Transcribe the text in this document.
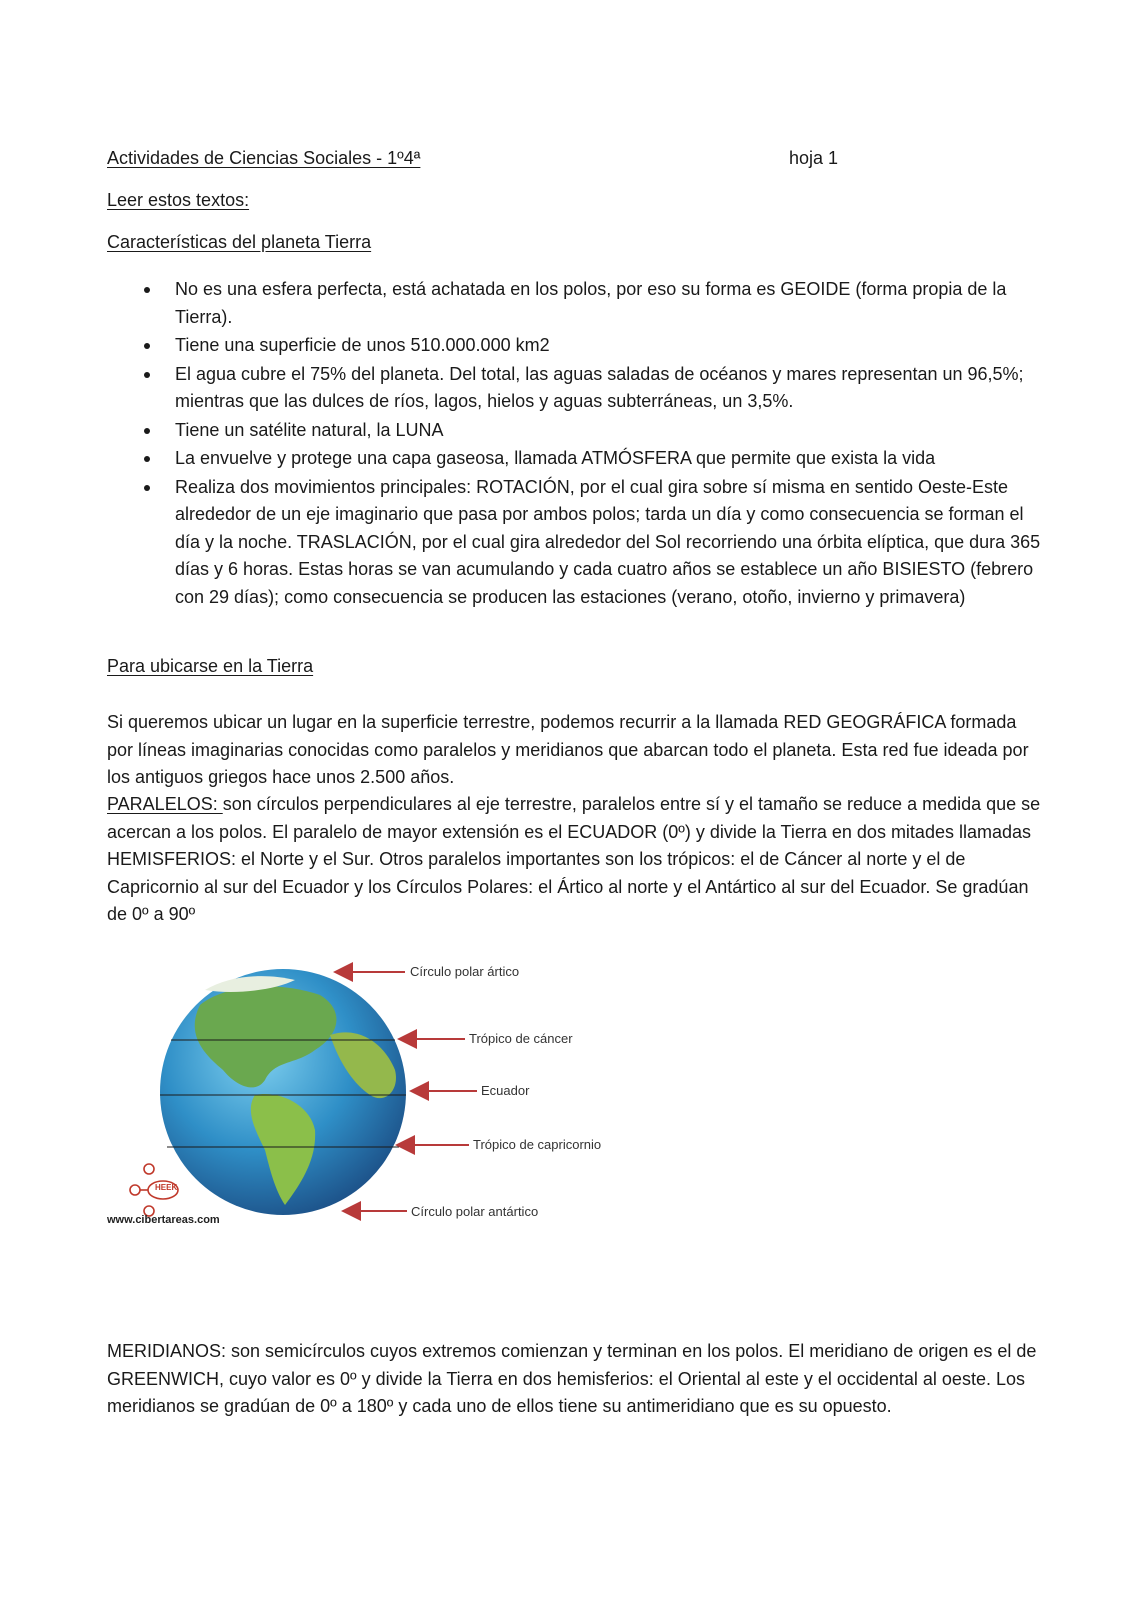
Actividades de Ciencias Sociales - 1º4ª	hoja 1
Leer estos textos:
Características del planeta Tierra
No es una esfera perfecta, está achatada en los polos, por eso su forma es GEOIDE (forma propia de la Tierra).
Tiene una superficie de unos 510.000.000 km2
El agua cubre el 75% del planeta. Del total, las aguas saladas de océanos y mares representan un 96,5%; mientras que las dulces de ríos, lagos, hielos y aguas subterráneas, un 3,5%.
Tiene un satélite natural, la LUNA
La envuelve y protege una capa gaseosa, llamada ATMÓSFERA que permite que exista la vida
Realiza dos movimientos principales: ROTACIÓN, por el cual gira sobre sí misma en sentido Oeste-Este alrededor de un eje imaginario que pasa por ambos polos; tarda un día y como consecuencia se forman el día y la noche. TRASLACIÓN, por el cual gira alrededor del Sol recorriendo una órbita elíptica, que dura 365 días y 6 horas. Estas horas se van acumulando y cada cuatro años se establece un año BISIESTO (febrero con 29 días); como consecuencia se producen las estaciones (verano, otoño, invierno y primavera)
Para ubicarse en la Tierra

Si queremos ubicar un lugar en la superficie terrestre, podemos recurrir a la llamada RED GEOGRÁFICA formada por líneas imaginarias conocidas como paralelos y meridianos que abarcan todo el planeta. Esta red fue ideada por los antiguos griegos hace unos 2.500 años.

PARALELOS: son círculos perpendiculares al eje terrestre, paralelos entre sí y el tamaño se reduce a medida que se acercan a los polos. El paralelo de mayor extensión es el ECUADOR (0º) y divide la Tierra en dos mitades llamadas HEMISFERIOS: el Norte y el Sur. Otros paralelos importantes son los trópicos: el de Cáncer al norte y el de Capricornio al sur del Ecuador y los Círculos Polares: el Ártico al norte y el Antártico al sur del Ecuador. Se gradúan de 0º a 90º

MERIDIANOS: son semicírculos cuyos extremos comienzan y terminan en los polos. El meridiano de origen es el de GREENWICH, cuyo valor es 0º y divide la Tierra en dos hemisferios: el Oriental al este y el occidental al oeste. Los meridianos se gradúan de 0º a 180º y cada uno de ellos tiene su antimeridiano que es su opuesto.

Círculo polar ártico
Trópico de cáncer
Ecuador
Trópico de capricornio
Círculo polar antártico
HEEK
www.cibertareas.com
